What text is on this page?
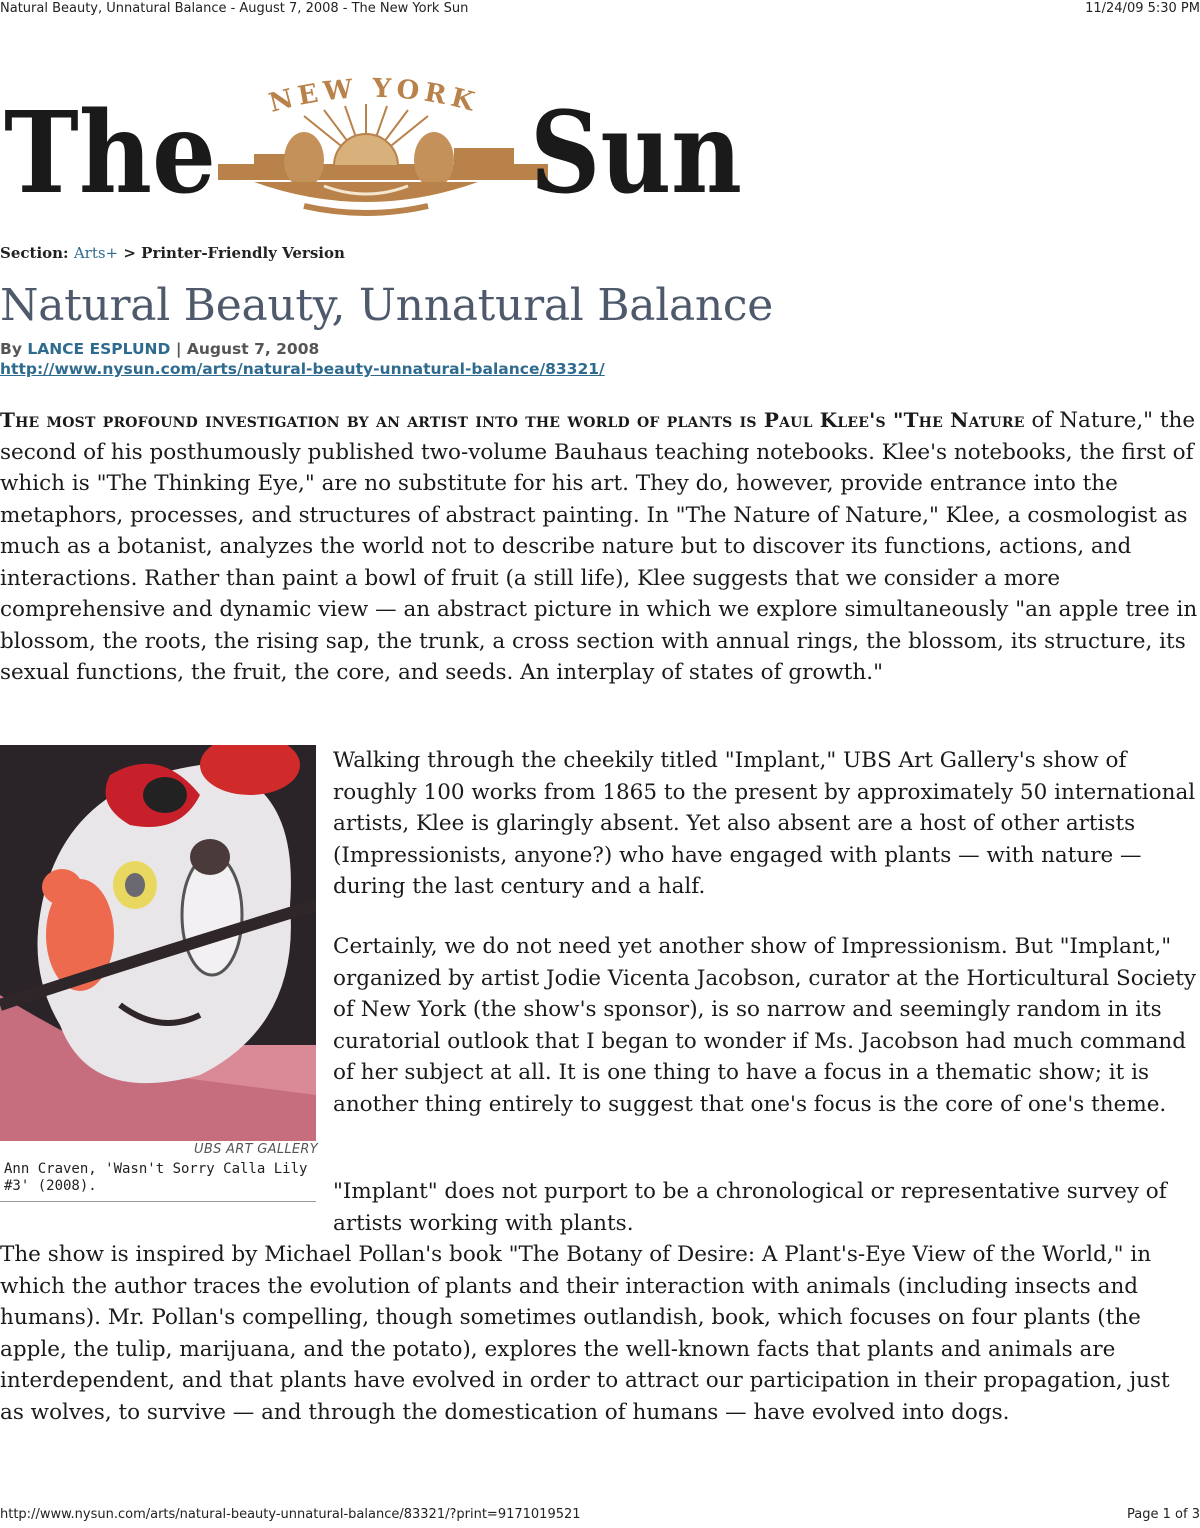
Natural Beauty, Unnatural Balance - August 7, 2008 - The New York Sun	11/24/09 5:30 PM
NEW YORK
The	Sun
Section: Arts+ > Printer-Friendly Version
Natural Beauty, Unnatural Balance
By LANCE ESPLUND | August 7, 2008
http://www.nysun.com/arts/natural-beauty-unnatural-balance/83321/

The most profound investigation by an artist into the world of plants is Paul Klee's "The Nature of Nature," the second of his posthumously published two-volume Bauhaus teaching notebooks. Klee's notebooks, the first of which is "The Thinking Eye," are no substitute for his art. They do, however, provide entrance into the metaphors, processes, and structures of abstract painting. In "The Nature of Nature," Klee, a cosmologist as much as a botanist, analyzes the world not to describe nature but to discover its functions, actions, and interactions. Rather than paint a bowl of fruit (a still life), Klee suggests that we consider a more comprehensive and dynamic view — an abstract picture in which we explore simultaneously "an apple tree in blossom, the roots, the rising sap, the trunk, a cross section with annual rings, the blossom, its structure, its sexual functions, the fruit, the core, and seeds. An interplay of states of growth."

UBS ART GALLERY
Ann Craven, 'Wasn't Sorry Calla Lily #3' (2008).

Walking through the cheekily titled "Implant," UBS Art Gallery's show of roughly 100 works from 1865 to the present by approximately 50 international artists, Klee is glaringly absent. Yet also absent are a host of other artists (Impressionists, anyone?) who have engaged with plants — with nature — during the last century and a half.

Certainly, we do not need yet another show of Impressionism. But "Implant," organized by artist Jodie Vicenta Jacobson, curator at the Horticultural Society of New York (the show's sponsor), is so narrow and seemingly random in its curatorial outlook that I began to wonder if Ms. Jacobson had much command of her subject at all. It is one thing to have a focus in a thematic show; it is another thing entirely to suggest that one's focus is the core of one's theme.

"Implant" does not purport to be a chronological or representative survey of artists working with plants.

The show is inspired by Michael Pollan's book "The Botany of Desire: A Plant's-Eye View of the World," in which the author traces the evolution of plants and their interaction with animals (including insects and humans). Mr. Pollan's compelling, though sometimes outlandish, book, which focuses on four plants (the apple, the tulip, marijuana, and the potato), explores the well-known facts that plants and animals are interdependent, and that plants have evolved in order to attract our participation in their propagation, just as wolves, to survive — and through the domestication of humans — have evolved into dogs.

http://www.nysun.com/arts/natural-beauty-unnatural-balance/83321/?print=9171019521	Page 1 of 3
